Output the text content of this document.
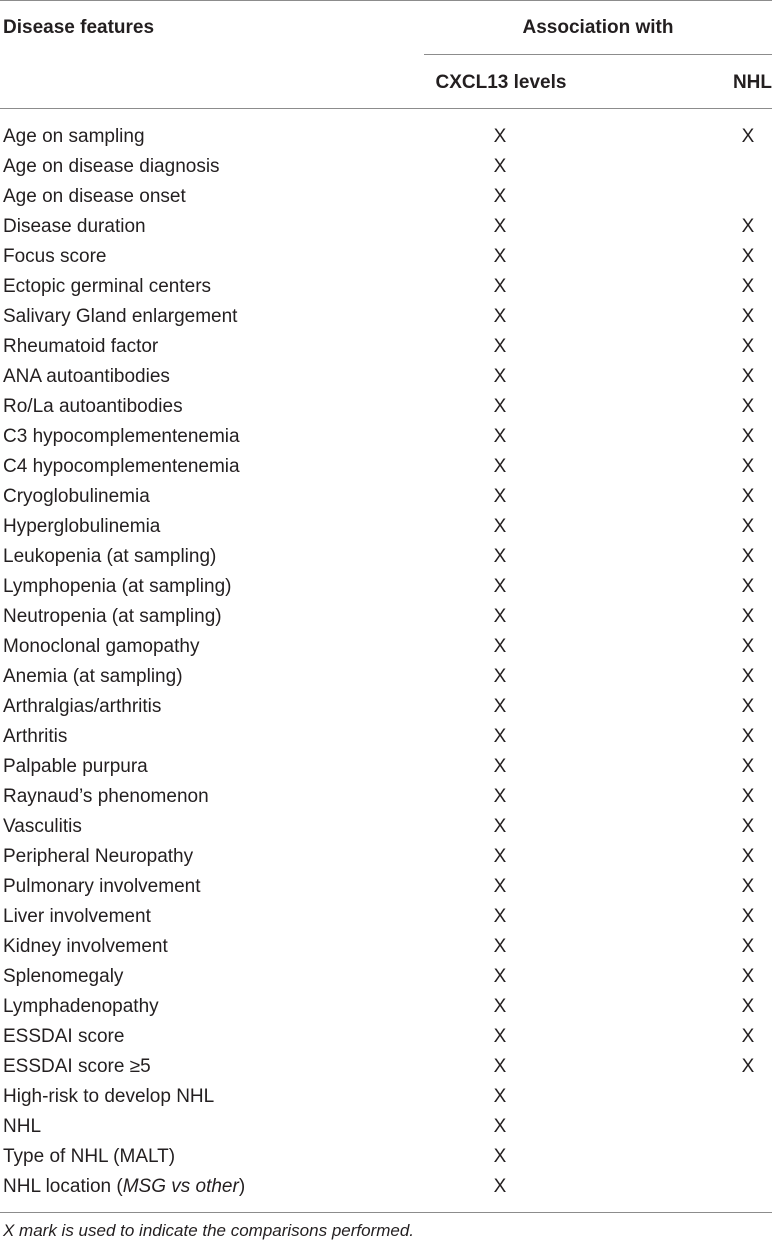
Disease features	Association with
CXCL13 levels	NHL
Age on sampling	X	X
Age on disease diagnosis	X
Age on disease onset	X
Disease duration	X	X
Focus score	X	X
Ectopic germinal centers	X	X
Salivary Gland enlargement	X	X
Rheumatoid factor	X	X
ANA autoantibodies	X	X
Ro/La autoantibodies	X	X
C3 hypocomplementenemia	X	X
C4 hypocomplementenemia	X	X
Cryoglobulinemia	X	X
Hyperglobulinemia	X	X
Leukopenia (at sampling)	X	X
Lymphopenia (at sampling)	X	X
Neutropenia (at sampling)	X	X
Monoclonal gamopathy	X	X
Anemia (at sampling)	X	X
Arthralgias/arthritis	X	X
Arthritis	X	X
Palpable purpura	X	X
Raynaud’s phenomenon	X	X
Vasculitis	X	X
Peripheral Neuropathy	X	X
Pulmonary involvement	X	X
Liver involvement	X	X
Kidney involvement	X	X
Splenomegaly	X	X
Lymphadenopathy	X	X
ESSDAI score	X	X
ESSDAI score ≥5	X	X
High-risk to develop NHL	X
NHL	X
Type of NHL (MALT)	X
NHL location (MSG vs other)	X
X mark is used to indicate the comparisons performed.
